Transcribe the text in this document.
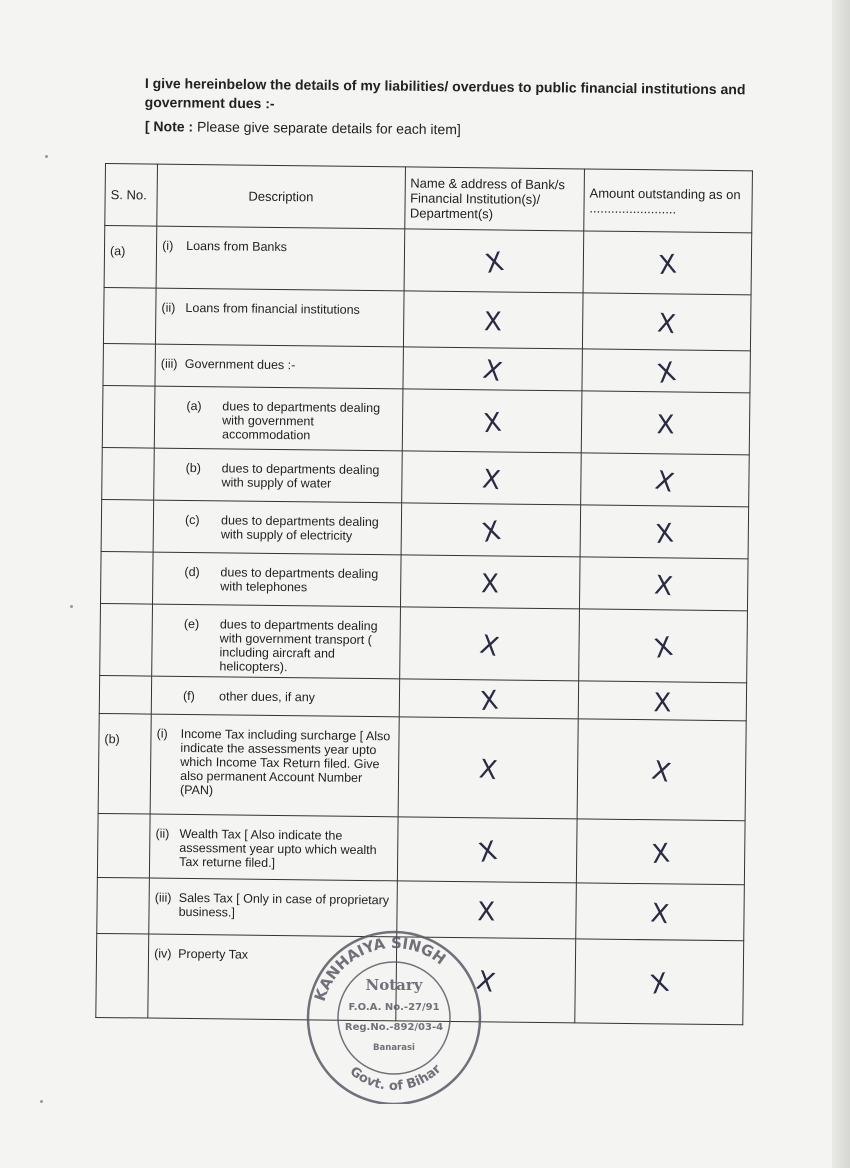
I give hereinbelow the details of my liabilities/ overdues to public financial institutions and government dues :-
[ Note : Please give separate details for each item]
S. No.	Description	Name & address of Bank/s Financial Institution(s)/ Department(s)	Amount outstanding as on ........................
(a)	(i) Loans from Banks	X	X

	(ii) Loans from financial institutions	X	X

	(iii) Government dues :-	X	X

	(a) dues to departments dealing with government accommodation	X	X

	(b) dues to departments dealing with supply of water	X	X

	(c) dues to departments dealing with supply of electricity	X	X

	(d) dues to departments dealing with telephones	X	X

	(e) dues to departments dealing with government transport ( including aircraft and helicopters).	X	X

	(f) other dues, if any	X	X

(b)	(i) Income Tax including surcharge [ Also indicate the assessments year upto which Income Tax Return filed. Give also permanent Account Number (PAN)	X	X

	(ii) Wealth Tax [ Also indicate the assessment year upto which wealth Tax returne filed.]	X	X

	(iii) Sales Tax [ Only in case of proprietary business.]	X	X

	(iv) Property Tax	X	X
KANHAIYA SINGH
Govt. of Bihar
Notary
F.O.A. No.-27/91
Reg.No.-892/03-4
Banarasi
